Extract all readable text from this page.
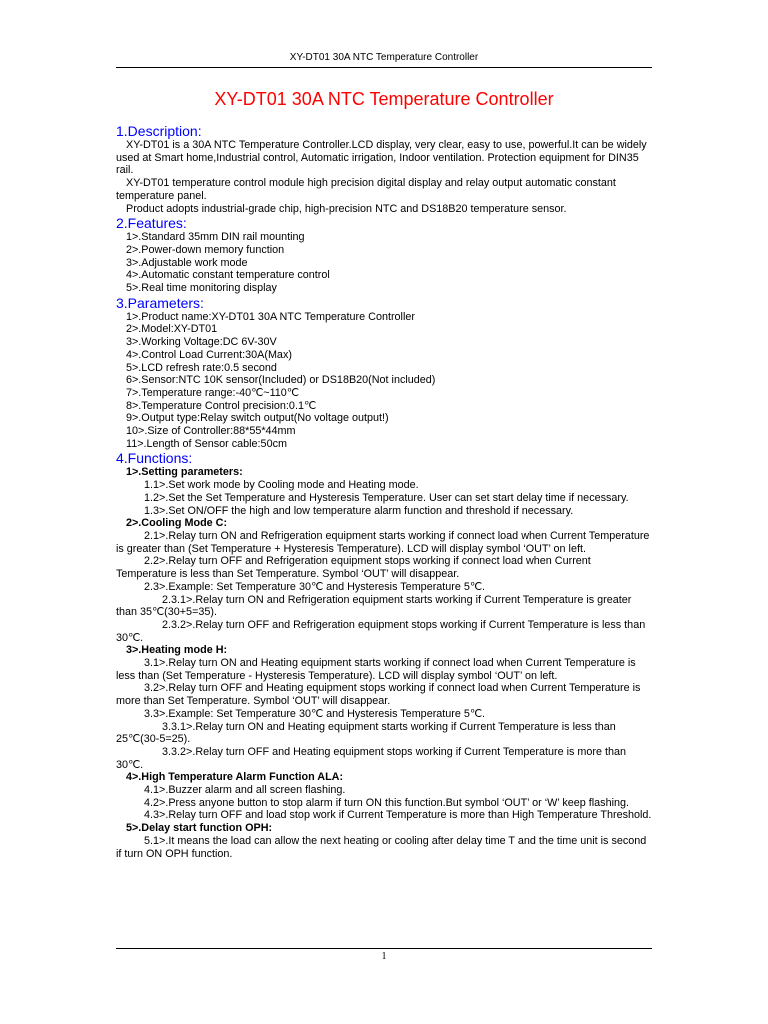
XY-DT01 30A NTC Temperature Controller
XY-DT01 30A NTC Temperature Controller
1.Description:

XY-DT01 is a 30A NTC Temperature Controller.LCD display, very clear, easy to use, powerful.It can be widely used at Smart home,Industrial control, Automatic irrigation, Indoor ventilation. Protection equipment for DIN35 rail.

XY-DT01 temperature control module high precision digital display and relay output automatic constant temperature panel.

Product adopts industrial-grade chip, high-precision NTC and DS18B20 temperature sensor.

2.Features:

1>.Standard 35mm DIN rail mounting

2>.Power-down memory function

3>.Adjustable work mode

4>.Automatic constant temperature control

5>.Real time monitoring display

3.Parameters:

1>.Product name:XY-DT01 30A NTC Temperature Controller

2>.Model:XY-DT01

3>.Working Voltage:DC 6V-30V

4>.Control Load Current:30A(Max)

5>.LCD refresh rate:0.5 second

6>.Sensor:NTC 10K sensor(Included) or DS18B20(Not included)

7>.Temperature range:-40℃~110℃

8>.Temperature Control precision:0.1℃

9>.Output type:Relay switch output(No voltage output!)

10>.Size of Controller:88*55*44mm

11>.Length of Sensor cable:50cm

4.Functions:

1>.Setting parameters:

1.1>.Set work mode by Cooling mode and Heating mode.

1.2>.Set the Set Temperature and Hysteresis Temperature. User can set start delay time if necessary.

1.3>.Set ON/OFF the high and low temperature alarm function and threshold if necessary.

2>.Cooling Mode C:

2.1>.Relay turn ON and Refrigeration equipment starts working if connect load when Current Temperature is greater than (Set Temperature + Hysteresis Temperature). LCD will display symbol ‘OUT’ on left.

2.2>.Relay turn OFF and Refrigeration equipment stops working if connect load when Current Temperature is less than Set Temperature. Symbol ‘OUT’ will disappear.

2.3>.Example: Set Temperature 30℃ and Hysteresis Temperature 5℃.

2.3.1>.Relay turn ON and Refrigeration equipment starts working if Current Temperature is greater than 35℃(30+5=35).

2.3.2>.Relay turn OFF and Refrigeration equipment stops working if Current Temperature is less than 30℃.

3>.Heating mode H:

3.1>.Relay turn ON and Heating equipment starts working if connect load when Current Temperature is less than (Set Temperature - Hysteresis Temperature). LCD will display symbol ‘OUT’ on left.

3.2>.Relay turn OFF and Heating equipment stops working if connect load when Current Temperature is more than Set Temperature. Symbol ‘OUT’ will disappear.

3.3>.Example: Set Temperature 30℃ and Hysteresis Temperature 5℃.

3.3.1>.Relay turn ON and Heating equipment starts working if Current Temperature is less than 25℃(30-5=25).

3.3.2>.Relay turn OFF and Heating equipment stops working if Current Temperature is more than 30℃.

4>.High Temperature Alarm Function ALA:

4.1>.Buzzer alarm and all screen flashing.

4.2>.Press anyone button to stop alarm if turn ON this function.But symbol ‘OUT’ or ‘W’ keep flashing.

4.3>.Relay turn OFF and load stop work if Current Temperature is more than High Temperature Threshold.

5>.Delay start function OPH:

5.1>.It means the load can allow the next heating or cooling after delay time T and the time unit is second if turn ON OPH function.

1
